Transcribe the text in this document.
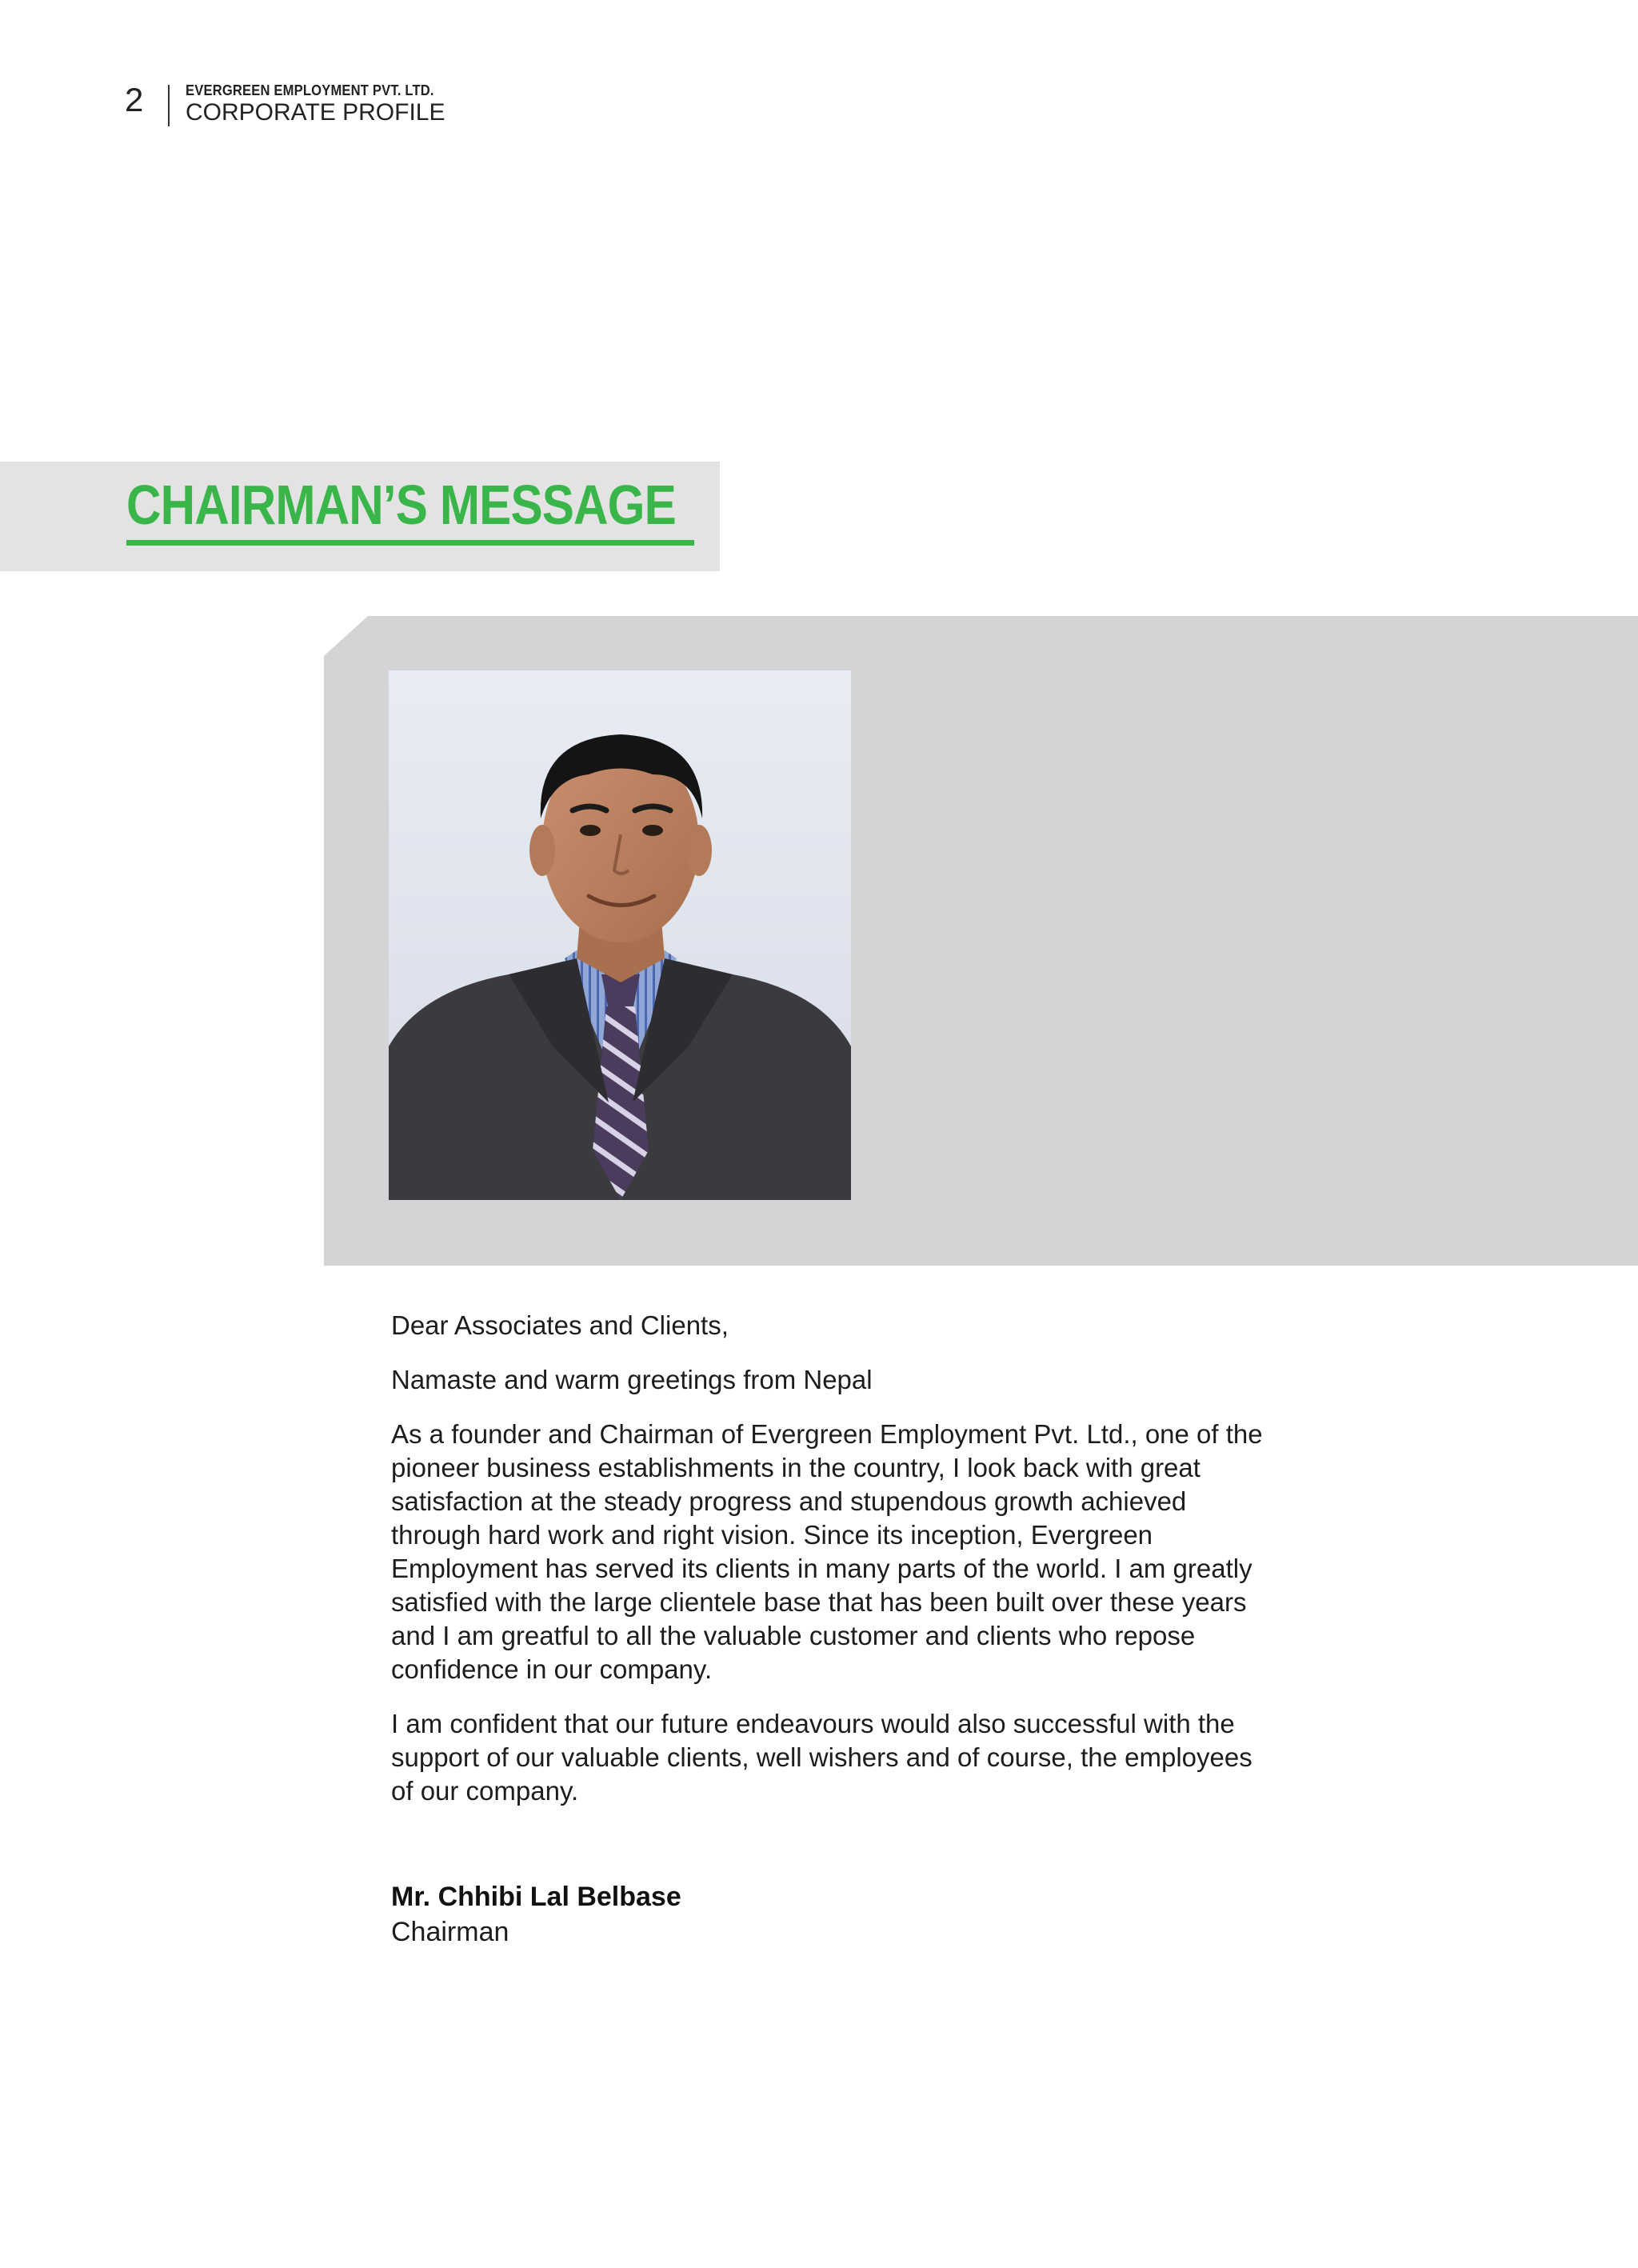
2	EVERGREEN EMPLOYMENT PVT. LTD.
CORPORATE PROFILE
CHAIRMAN’S MESSAGE

Dear Associates and Clients,

Namaste and warm greetings from Nepal

As a founder and Chairman of Evergreen Employment Pvt. Ltd., one of the pioneer business establishments in the country, I look back with great satisfaction at the steady progress and stupendous growth achieved through hard work and right vision. Since its inception, Evergreen Employment has served its clients in many parts of the world. I am greatly satisfied with the large clientele base that has been built over these years and I am greatful to all the valuable customer and clients who repose confidence in our company.

I am confident that our future endeavours would also successful with the support of our valuable clients, well wishers and of course, the employees of our company.

Mr. Chhibi Lal Belbase
Chairman
